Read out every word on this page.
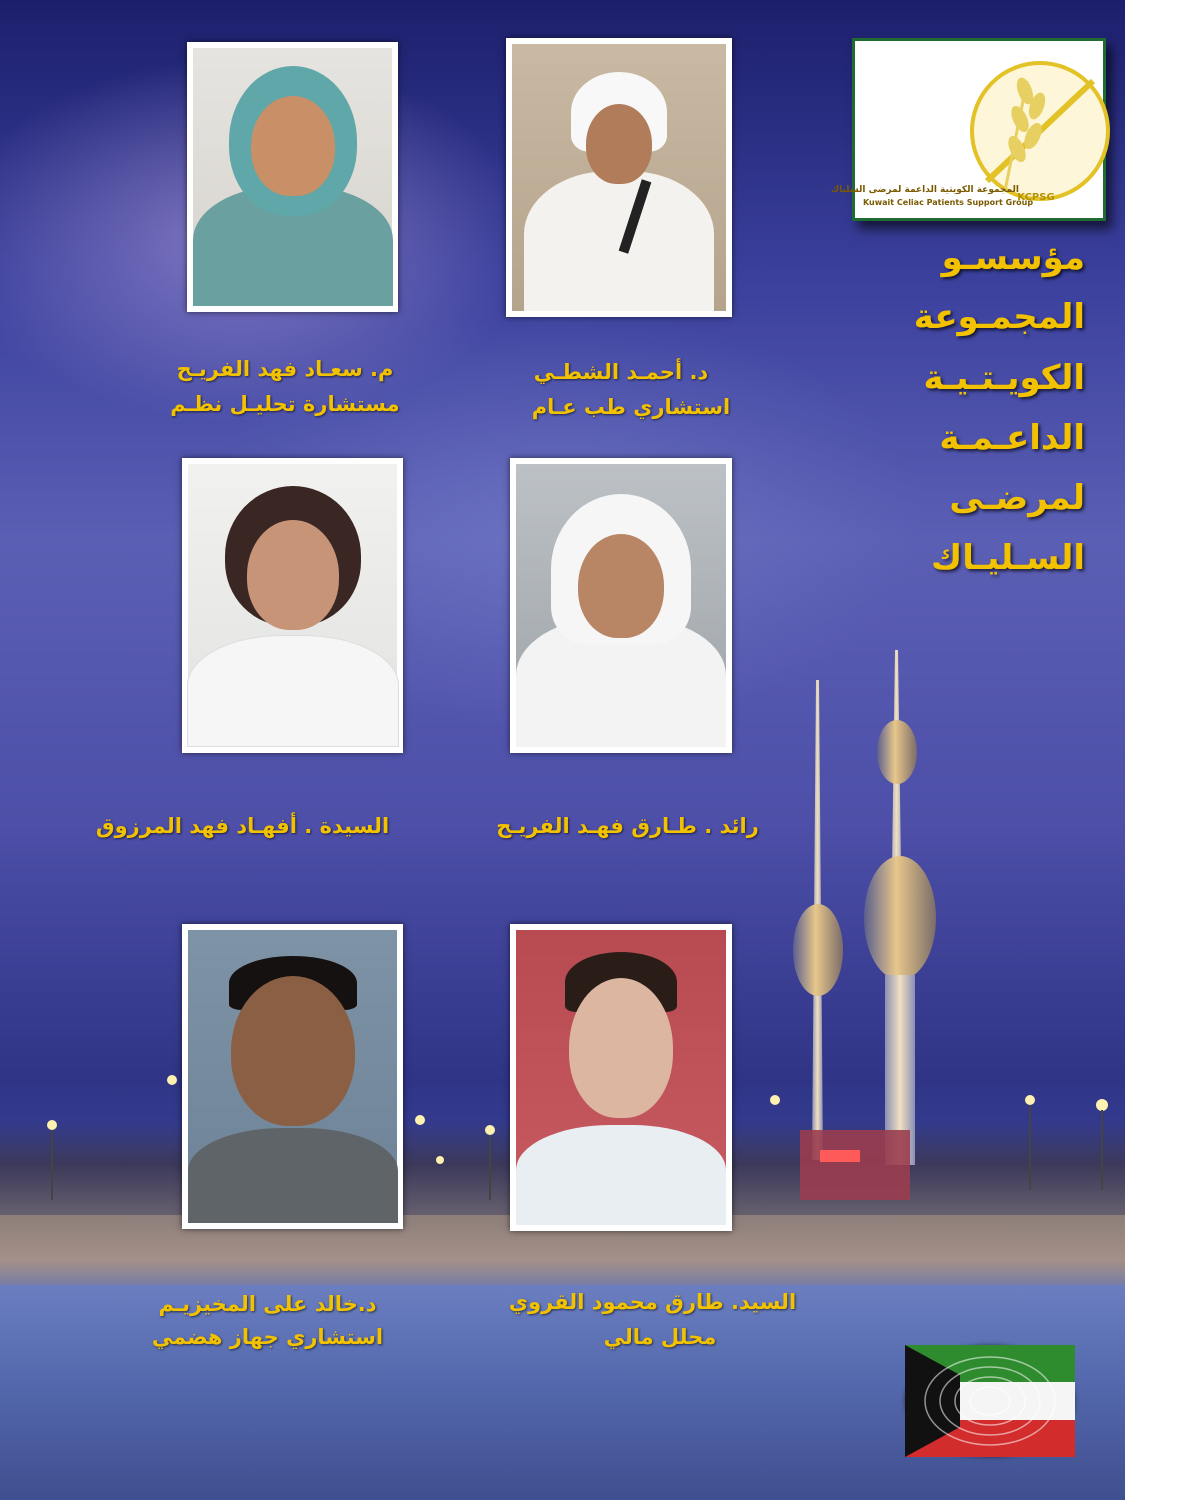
المجموعة الكويتية الداعمة لمرضى السلياك
Kuwait Celiac Patients Support Group
KCPSG
مؤسسـو
المجمـوعة
الكويـتـيـة
الداعـمـة
لمرضـى
السـليـاك
د. أحمـد الشطـي
استشاري طب عـام
م. سعـاد فهد الفريـح
مستشارة تحليـل نظـم
رائد . طـارق فهـد الفريـح
السيدة . أفهـاد فهد المرزوق
السيد. طارق محمود القروي
محلل مالي
د.خالد على المخيزيـم
استشاري جهاز هضمي
